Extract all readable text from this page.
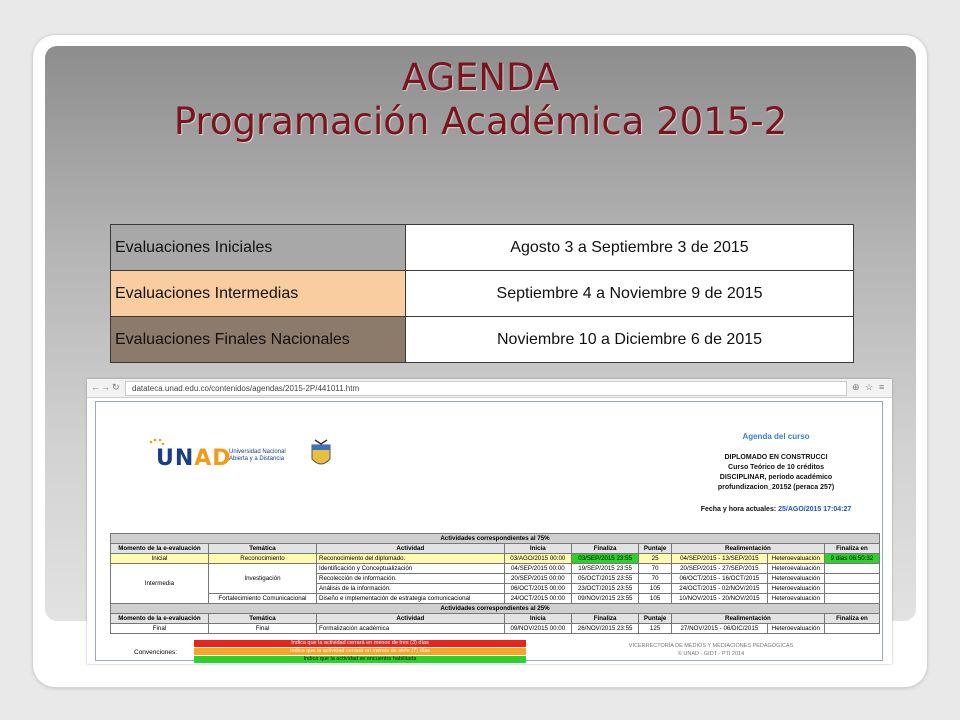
AGENDA
Programación Académica 2015-2
Evaluaciones Iniciales	Agosto 3 a Septiembre 3 de 2015
Evaluaciones Intermedias	Septiembre 4 a Noviembre 9 de 2015
Evaluaciones Finales Nacionales	Noviembre 10 a Diciembre 6 de 2015
← → ↻	datateca.unad.edu.co/contenidos/agendas/2015-2P/441011.htm	⊕ ☆ ≡
UNAD
Universidad Nacional
Abierta y a Distancia
Agenda del curso
DIPLOMADO EN CONSTRUCCI
Curso Teórico de 10 créditos
DISCIPLINAR, período académico
profundizacion_20152 (peraca 257)
Fecha y hora actuales: 25/AGO/2015 17:04:27
Actividades correspondientes al 75%								
Momento de la e-evaluación	Temática	Actividad	Inicia	Finaliza	Puntaje	Realimentación		Finaliza en
Inicial	Reconocimiento	Reconocimiento del diplomado.	03/AGO/2015 00:00	03/SEP/2015 23:55	25	04/SEP/2015 - 13/SEP/2015	Heteroevaluación	9 días 06:50:32
Intermedia	Investigación	Identificación y Conceptualización	04/SEP/2015 00:00	19/SEP/2015 23:55	70	20/SEP/2015 - 27/SEP/2015	Heteroevaluación	
		Recolección de información.	20/SEP/2015 00:00	05/OCT/2015 23:55	70	06/OCT/2015 - 16/OCT/2015	Heteroevaluación	
		Análisis de la información.	06/OCT/2015 00:00	23/OCT/2015 23:55	105	24/OCT/2015 - 02/NOV/2015	Heteroevaluación	
	Fortalecimiento Comunicacional	Diseño e implementación de estrategia comunicacional	24/OCT/2015 00:00	09/NOV/2015 23:55	105	10/NOV/2015 - 20/NOV/2015	Heteroevaluación	
Actividades correspondientes al 25%								
Momento de la e-evaluación	Temática	Actividad	Inicia	Finaliza	Puntaje	Realimentación		Finaliza en
Final	Final	Formalización académica	09/NOV/2015 00:00	26/NOV/2015 23:55	125	27/NOV/2015 - 06/DIC/2015	Heteroevaluación	
Convenciones:
Indica que la actividad cerrará en menos de tres (3) días
Indica que la actividad cerrará en menos de siete (7) días
Indica que la actividad se encuentra habilitada
VICERRECTORÍA DE MEDIOS Y MEDIACIONES PEDAGÓGICAS
© UNAD - GIDT - PTI 2014
